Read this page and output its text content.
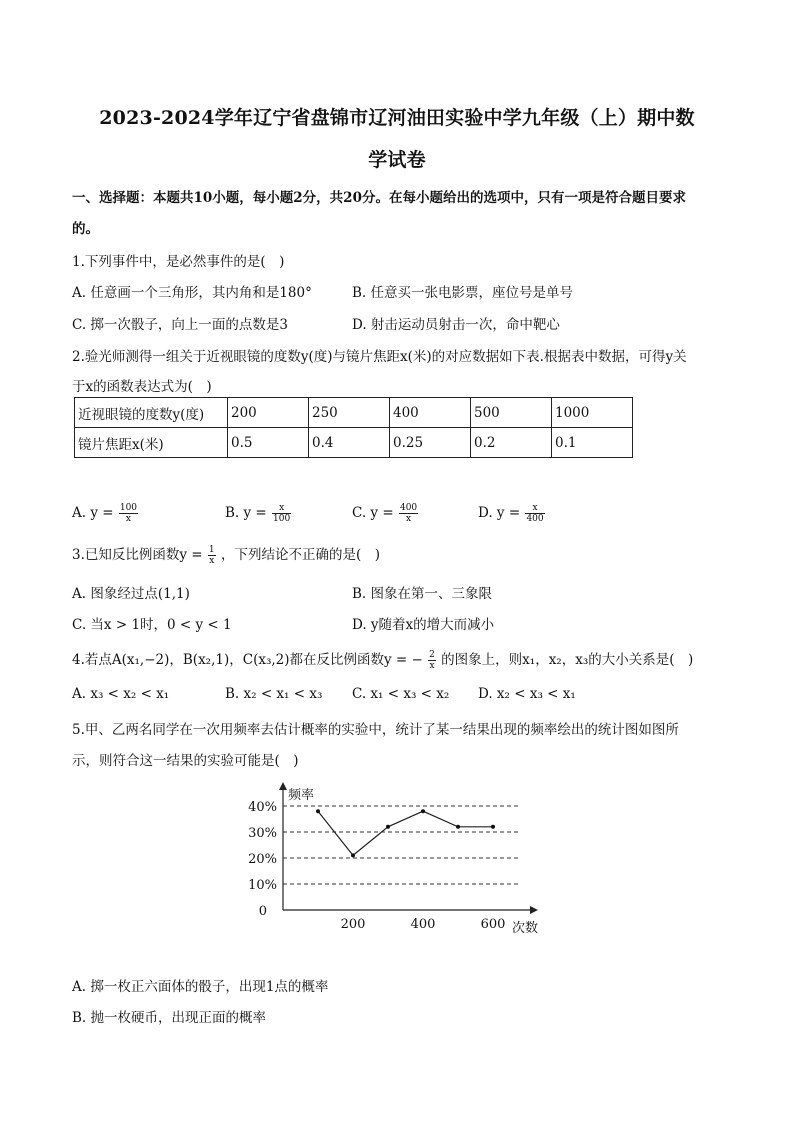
2023-2024学年辽宁省盘锦市辽河油田实验中学九年级（上）期中数
学试卷
一、选择题：本题共10小题，每小题2分，共20分。在每小题给出的选项中，只有一项是符合题目要求
的。
1.下列事件中，是必然事件的是(　)
A. 任意画一个三角形，其内角和是180°	B. 任意买一张电影票，座位号是单号
C. 掷一次骰子，向上一面的点数是3	D. 射击运动员射击一次，命中靶心
2.验光师测得一组关于近视眼镜的度数y(度)与镜片焦距x(米)的对应数据如下表.根据表中数据，可得y关
于x的函数表达式为(　)
近视眼镜的度数y(度)	200	250	400	500	1000
镜片焦距x(米)	0.5	0.4	0.25	0.2	0.1
A. $y = \frac{100}{x}$	B. $y = \frac{x}{100}$	C. $y = \frac{400}{x}$	D. $y = \frac{x}{400}$
3.已知反比例函数$y = \frac{1}{x}$ ，下列结论不正确的是(　)
A. 图象经过点(1,1)	B. 图象在第一、三象限
C. 当x > 1时，0 < y < 1	D. y随着x的增大而减小
4.若点A(x₁,−2)，B(x₂,1)，C(x₃,2)都在反比例函数y = − $\frac{2}{x}$ 的图象上，则x₁，x₂，x₃的大小关系是(　)
A. x₃ < x₂ < x₁	B. x₂ < x₁ < x₃ C. x₁ < x₃ < x₂ D. x₂ < x₃ < x₁
5.甲、乙两名同学在一次用频率去估计概率的实验中，统计了某一结果出现的频率绘出的统计图如图所
示，则符合这一结果的实验可能是(　)
10%
20%
30%
40%
频率
次数
0
200	400	600
A. 掷一枚正六面体的骰子，出现1点的概率
B. 抛一枚硬币，出现正面的概率
